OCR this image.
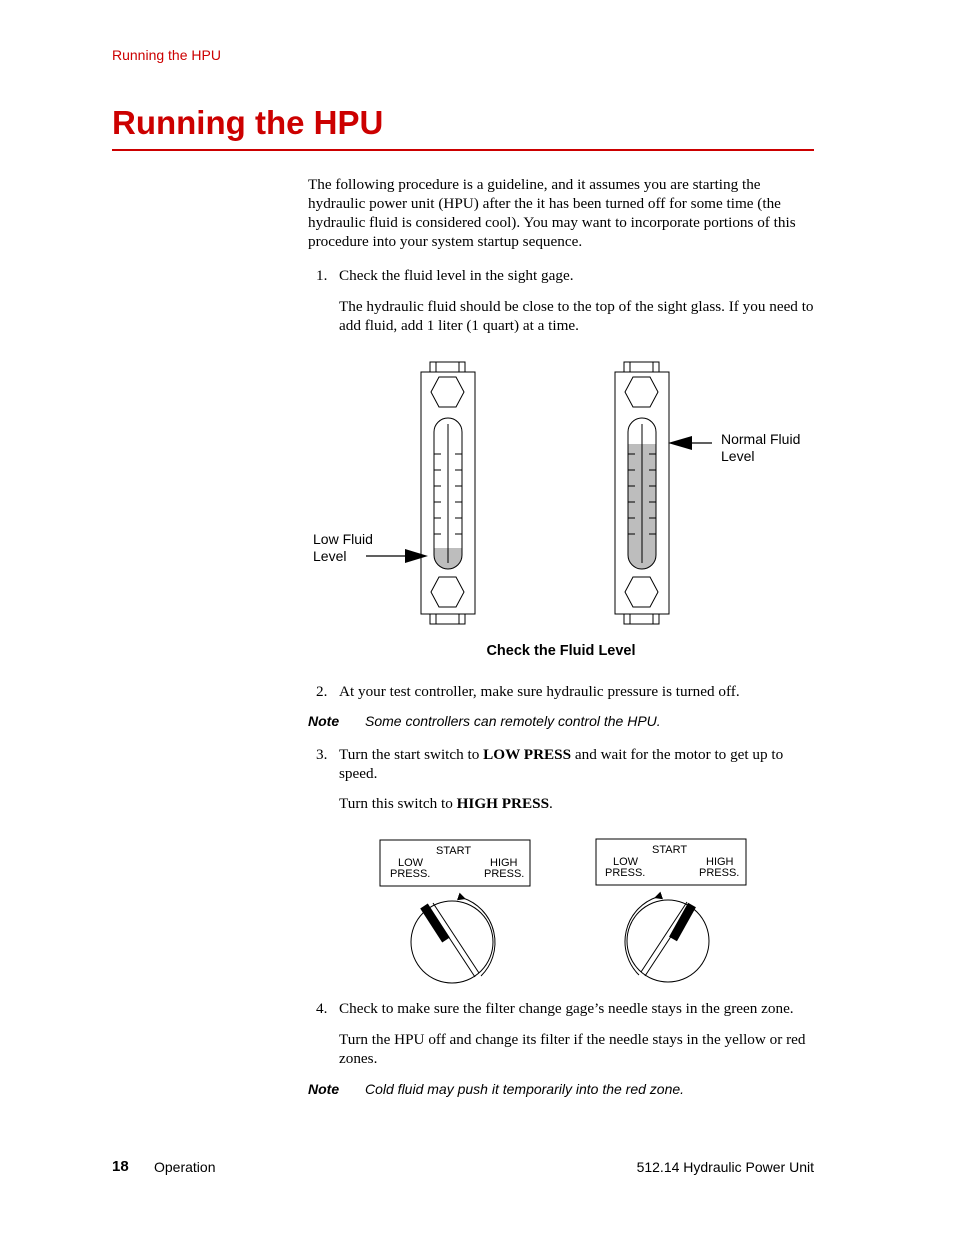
Running the HPU
Running the HPU
The following procedure is a guideline, and it assumes you are starting the hydraulic power unit (HPU) after the it has been turned off for some time (the hydraulic fluid is considered cool). You may want to incorporate portions of this procedure into your system startup sequence.
1. Check the fluid level in the sight gage.
The hydraulic fluid should be close to the top of the sight glass. If you need to add fluid, add 1 liter (1 quart) at a time.
Low Fluid
Level
Normal Fluid
Level
Check the Fluid Level
2. At your test controller, make sure hydraulic pressure is turned off.
Note Some controllers can remotely control the HPU.
3. Turn the start switch to LOW PRESS and wait for the motor to get up to speed.
Turn this switch to HIGH PRESS.
START
LOW
PRESS.
HIGH
PRESS.
START
LOW
PRESS.
HIGH
PRESS.
4. Check to make sure the filter change gage’s needle stays in the green zone.
Turn the HPU off and change its filter if the needle stays in the yellow or red zones.
Note Cold fluid may push it temporarily into the red zone.
18 Operation	512.14 Hydraulic Power Unit
